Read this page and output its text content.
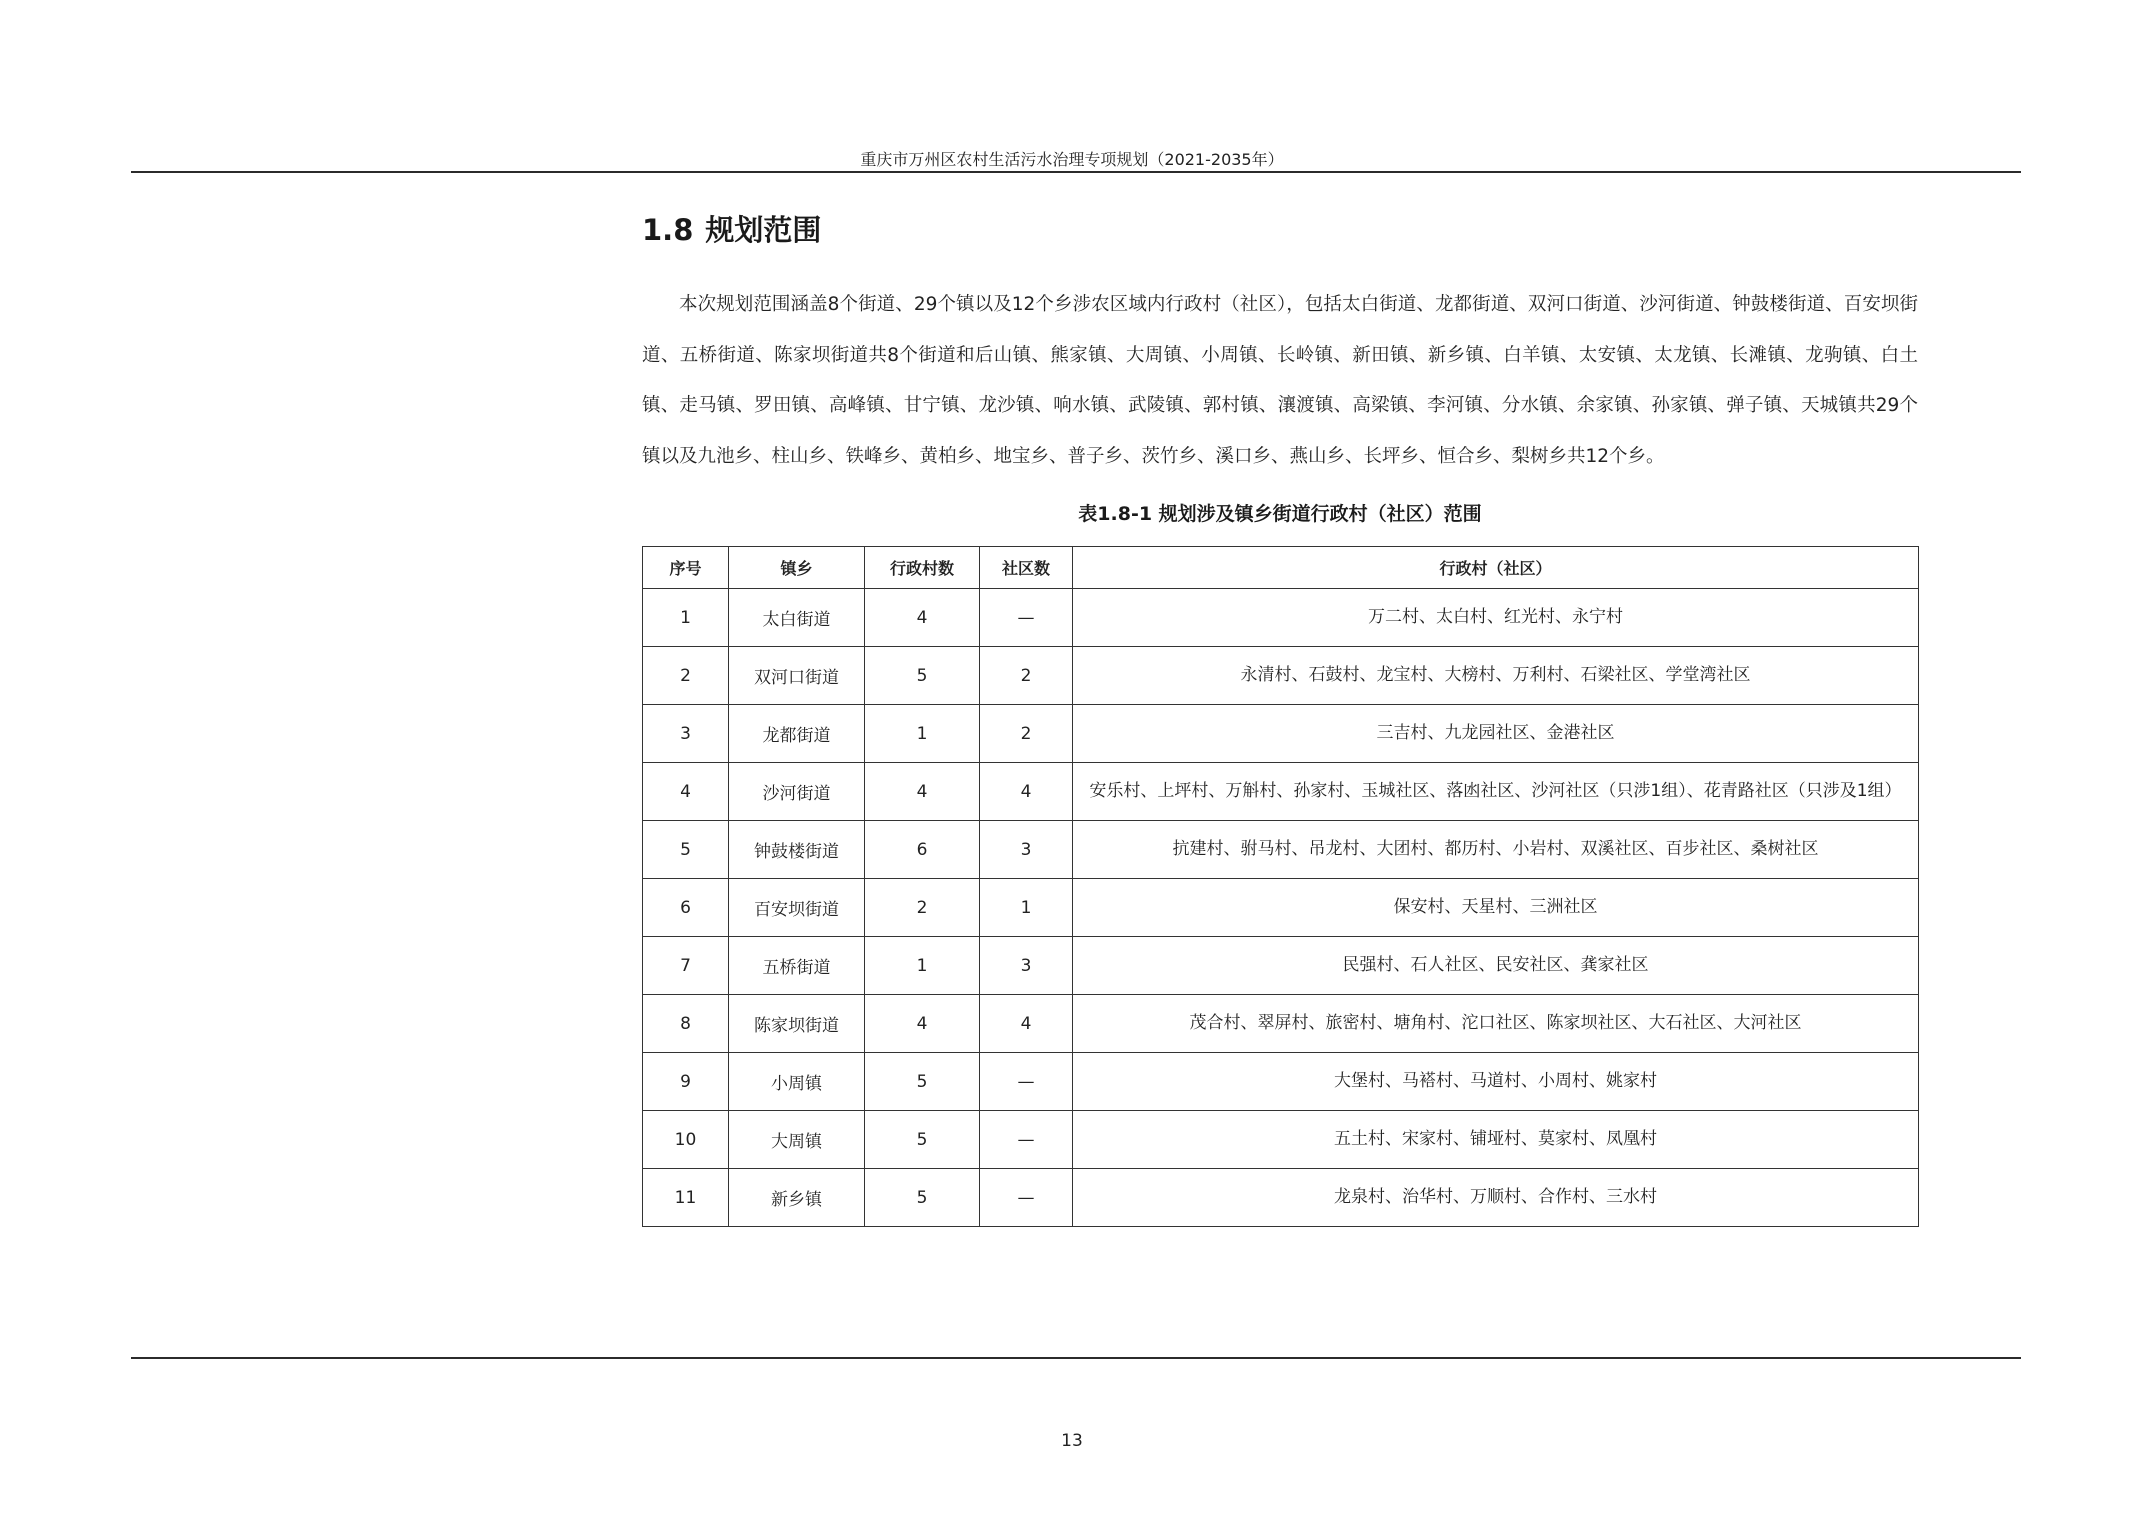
重庆市万州区农村生活污水治理专项规划（2021-2035年）
1.8 规划范围

本次规划范围涵盖8个街道、29个镇以及12个乡涉农区域内行政村（社区），包括太白街道、龙都街道、双河口街道、沙河街道、钟鼓楼街道、百安坝街道、五桥街道、陈家坝街道共8个街道和后山镇、熊家镇、大周镇、小周镇、长岭镇、新田镇、新乡镇、白羊镇、太安镇、太龙镇、长滩镇、龙驹镇、白土镇、走马镇、罗田镇、高峰镇、甘宁镇、龙沙镇、响水镇、武陵镇、郭村镇、瀼渡镇、高梁镇、李河镇、分水镇、余家镇、孙家镇、弹子镇、天城镇共29个镇以及九池乡、柱山乡、铁峰乡、黄柏乡、地宝乡、普子乡、茨竹乡、溪口乡、燕山乡、长坪乡、恒合乡、梨树乡共12个乡。

表1.8-1 规划涉及镇乡街道行政村（社区）范围
序号	镇乡	行政村数	社区数	行政村（社区）
1	太白街道	4	—	万二村、太白村、红光村、永宁村
2	双河口街道	5	2	永清村、石鼓村、龙宝村、大榜村、万利村、石梁社区、学堂湾社区
3	龙都街道	1	2	三吉村、九龙园社区、金港社区
4	沙河街道	4	4	安乐村、上坪村、万斛村、孙家村、玉城社区、落凼社区、沙河社区（只涉1组）、花青路社区（只涉及1组）
5	钟鼓楼街道	6	3	抗建村、驸马村、吊龙村、大团村、都历村、小岩村、双溪社区、百步社区、桑树社区
6	百安坝街道	2	1	保安村、天星村、三洲社区
7	五桥街道	1	3	民强村、石人社区、民安社区、龚家社区
8	陈家坝街道	4	4	茂合村、翠屏村、旅密村、塘角村、沱口社区、陈家坝社区、大石社区、大河社区
9	小周镇	5	—	大堡村、马褡村、马道村、小周村、姚家村
10	大周镇	5	—	五土村、宋家村、铺垭村、莫家村、凤凰村
11	新乡镇	5	—	龙泉村、治华村、万顺村、合作村、三水村
13
